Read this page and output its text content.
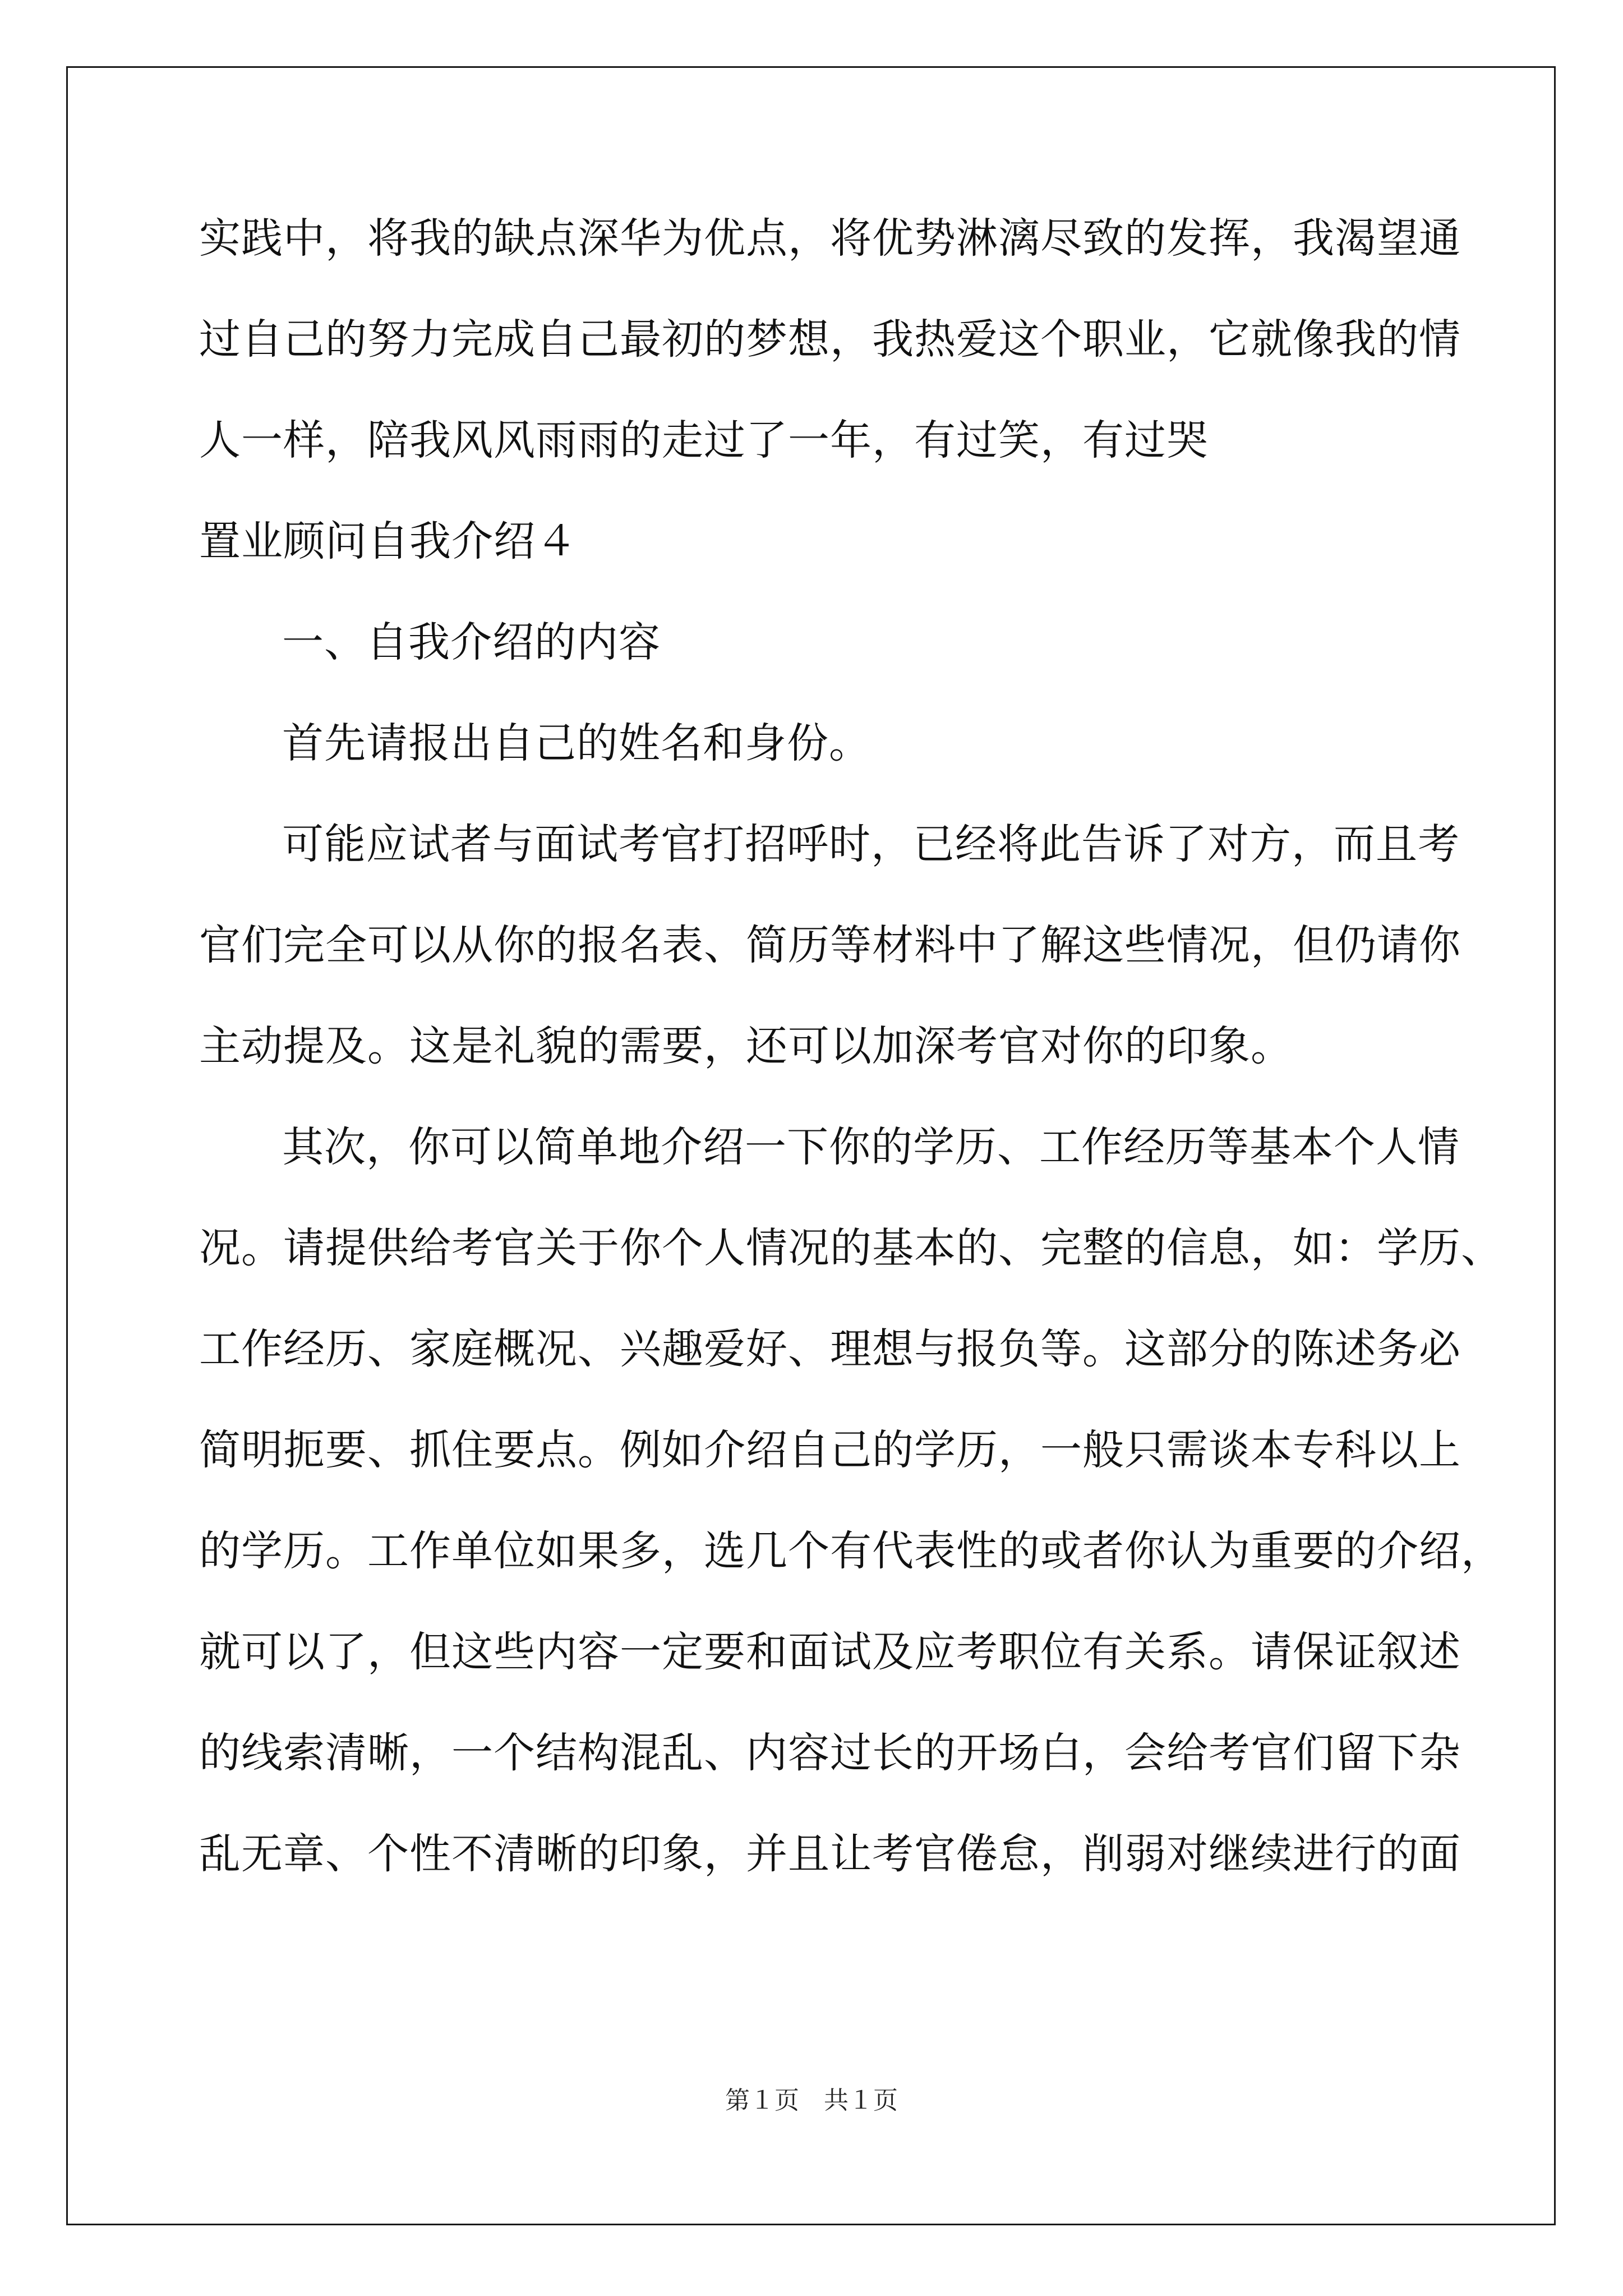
实践中，将我的缺点深华为优点，将优势淋漓尽致的发挥，我渴望通
过自己的努力完成自己最初的梦想，我热爱这个职业，它就像我的情
人一样，陪我风风雨雨的走过了一年，有过笑，有过哭
置业顾问自我介绍４
一、自我介绍的内容
首先请报出自己的姓名和身份。
可能应试者与面试考官打招呼时，已经将此告诉了对方，而且考
官们完全可以从你的报名表、简历等材料中了解这些情况，但仍请你
主动提及。这是礼貌的需要，还可以加深考官对你的印象。
其次，你可以简单地介绍一下你的学历、工作经历等基本个人情
况。请提供给考官关于你个人情况的基本的、完整的信息，如：学历、
工作经历、家庭概况、兴趣爱好、理想与报负等。这部分的陈述务必
简明扼要、抓住要点。例如介绍自己的学历，一般只需谈本专科以上
的学历。工作单位如果多，选几个有代表性的或者你认为重要的介绍，
就可以了，但这些内容一定要和面试及应考职位有关系。请保证叙述
的线索清晰，一个结构混乱、内容过长的开场白，会给考官们留下杂
乱无章、个性不清晰的印象，并且让考官倦怠，削弱对继续进行的面
第１页　共１页
